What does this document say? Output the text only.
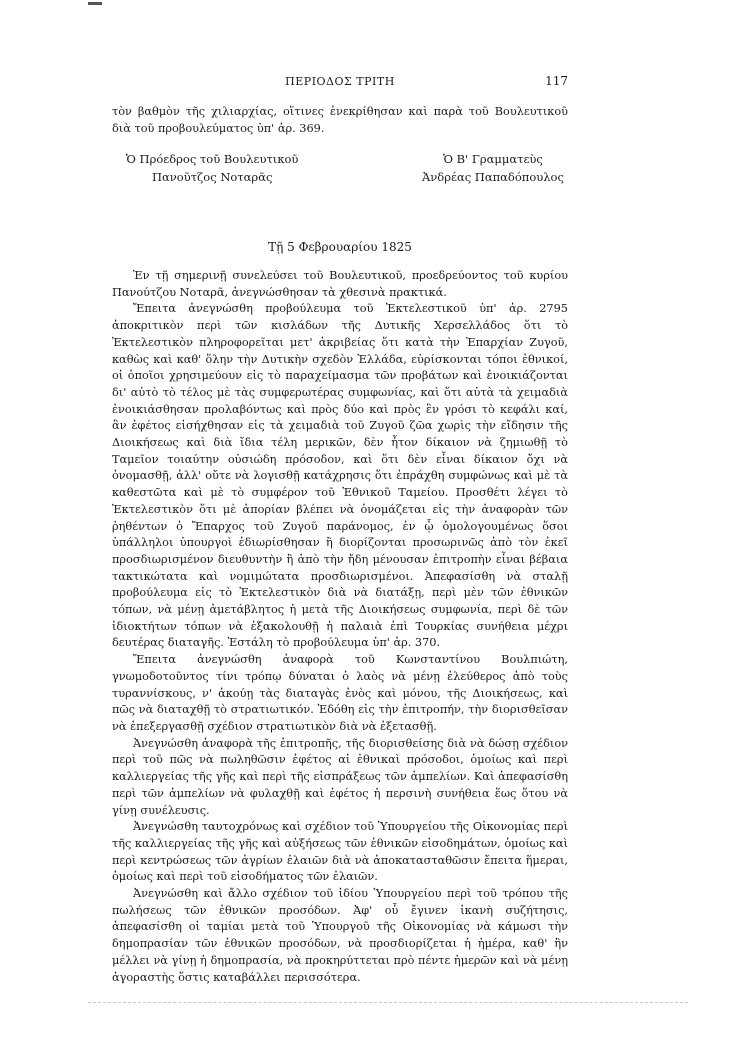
ΠΕΡΙΟΔΟΣ ΤΡΙΤΗ	117

τὸν βαθμὸν τῆς χιλιαρχίας, οἵτινες ἐνεκρίθησαν καὶ παρὰ τοῦ Βουλευτικοῦ διὰ τοῦ προβουλεύματος ὑπ' ἀρ. 369.

Ὁ Πρόεδρος τοῦ Βουλευτικοῦ
Πανοῦτζος Νοταρᾶς
Ὁ Β' Γραμματεὺς
Ἀνδρέας Παπαδόπουλος
Τῇ 5 Φεβρουαρίου 1825

Ἐν τῇ σημερινῇ συνελεύσει τοῦ Βουλευτικοῦ, προεδρεύοντος τοῦ κυρίου Πανούτζου Νοταρᾶ, ἀνεγνώσθησαν τὰ χθεσινὰ πρακτικά.

Ἔπειτα ἀνεγνώσθη προβούλευμα τοῦ Ἐκτελεστικοῦ ὑπ' ἀρ. 2795 ἀποκριτικὸν περὶ τῶν κισλάδων τῆς Δυτικῆς Χερσελλάδος ὅτι τὸ Ἐκτελεστικὸν πληροφορεῖται μετ' ἀκριβείας ὅτι κατὰ τὴν Ἐπαρχίαν Ζυγοῦ, καθὼς καὶ καθ' ὅλην τὴν Δυτικὴν σχεδὸν Ἑλλάδα, εὑρίσκονται τόποι ἐθνικοί, οἱ ὁποῖοι χρησιμεύουν εἰς τὸ παραχείμασμα τῶν προβάτων καὶ ἐνοικιάζονται δι' αὐτὸ τὸ τέλος μὲ τὰς συμφερωτέρας συμφωνίας, καὶ ὅτι αὐτὰ τὰ χειμαδιὰ ἐνοικιάσθησαν προλαβόντως καὶ πρὸς δύο καὶ πρὸς ἓν γρόσι τὸ κεφάλι καί, ἂν ἐφέτος εἰσήχθησαν εἰς τὰ χειμαδιὰ τοῦ Ζυγοῦ ζῶα χωρὶς τὴν εἴδησιν τῆς Διοικήσεως καὶ διὰ ἴδια τέλη μερικῶν, δὲν ἦτον δίκαιον νὰ ζημιωθῇ τὸ Ταμεῖον τοιαύτην οὐσιώδη πρόσοδον, καὶ ὅτι δὲν εἶναι δίκαιον ὄχι νὰ ὀνομασθῇ, ἀλλ' οὔτε νὰ λογισθῇ κατάχρησις ὅτι ἐπράχθη συμφώνως καὶ μὲ τὰ καθεστῶτα καὶ μὲ τὸ συμφέρον τοῦ Ἐθνικοῦ Ταμείου. Προσθέτι λέγει τὸ Ἐκτελεστικὸν ὅτι μὲ ἀπορίαν βλέπει νὰ ὀνομάζεται εἰς τὴν ἀναφορὰν τῶν ῥηθέντων ὁ Ἔπαρχος τοῦ Ζυγοῦ παράνομος, ἐν ᾧ ὁμολογουμένως ὅσοι ὑπάλληλοι ὑπουργοὶ ἐδιωρίσθησαν ἢ διορίζονται προσωρινῶς ἀπὸ τὸν ἐκεῖ προσδιωρισμένον διευθυντὴν ἢ ἀπὸ τὴν ἤδη μένουσαν ἐπιτροπὴν εἶναι βέβαια τακτικώτατα καὶ νομιμώτατα προσδιωρισμένοι. Ἀπεφασίσθη νὰ σταλῇ προβούλευμα εἰς τὸ Ἐκτελεστικὸν διὰ νὰ διατάξῃ, περὶ μὲν τῶν ἐθνικῶν τόπων, νὰ μένῃ ἀμετάβλητος ἡ μετὰ τῆς Διοικήσεως συμφωνία, περὶ δὲ τῶν ἰδιοκτήτων τόπων νὰ ἐξακολουθῇ ἡ παλαιὰ ἐπὶ Τουρκίας συνήθεια μέχρι δευτέρας διαταγῆς. Ἐστάλη τὸ προβούλευμα ὑπ' ἀρ. 370.

Ἔπειτα ἀνεγνώσθη ἀναφορὰ τοῦ Κωνσταντίνου Βουλπιώτη, γνωμοδοτοῦντος τίνι τρόπῳ δύναται ὁ λαὸς νὰ μένῃ ἐλεύθερος ἀπὸ τοὺς τυραννίσκους, ν' ἀκούῃ τὰς διαταγὰς ἑνὸς καὶ μόνου, τῆς Διοικήσεως, καὶ πῶς νὰ διαταχθῇ τὸ στρατιωτικόν. Ἐδόθη εἰς τὴν ἐπιτροπήν, τὴν διορισθεῖσαν νὰ ἐπεξεργασθῇ σχέδιον στρατιωτικὸν διὰ νὰ ἐξετασθῇ.

Ἀνεγνώσθη ἀναφορὰ τῆς ἐπιτροπῆς, τῆς διορισθείσης διὰ νὰ δώσῃ σχέδιον περὶ τοῦ πῶς νὰ πωληθῶσιν ἐφέτος αἱ ἐθνικαὶ πρόσοδοι, ὁμοίως καὶ περὶ καλλιεργείας τῆς γῆς καὶ περὶ τῆς εἰσπράξεως τῶν ἀμπελίων. Καὶ ἀπεφασίσθη περὶ τῶν ἀμπελίων νὰ φυλαχθῇ καὶ ἐφέτος ἡ περσινὴ συνήθεια ἕως ὅτου νὰ γίνῃ συνέλευσις.

Ἀνεγνώσθη ταυτοχρόνως καὶ σχέδιον τοῦ Ὑπουργείου τῆς Οἰκονομίας περὶ τῆς καλλιεργείας τῆς γῆς καὶ αὐξήσεως τῶν ἐθνικῶν εἰσοδημάτων, ὁμοίως καὶ περὶ κεντρώσεως τῶν ἀγρίων ἐλαιῶν διὰ νὰ ἀποκατασταθῶσιν ἔπειτα ἥμεραι, ὁμοίως καὶ περὶ τοῦ εἰσοδήματος τῶν ἐλαιῶν.

Ἀνεγνώσθη καὶ ἄλλο σχέδιον τοῦ ἰδίου Ὑπουργείου περὶ τοῦ τρόπου τῆς πωλήσεως τῶν ἐθνικῶν προσόδων. Ἀφ' οὗ ἔγινεν ἱκανὴ συζήτησις, ἀπεφασίσθη οἱ ταμίαι μετὰ τοῦ Ὑπουργοῦ τῆς Οἰκονομίας νὰ κάμωσι τὴν δημοπρασίαν τῶν ἐθνικῶν προσόδων, νὰ προσδιορίζεται ἡ ἡμέρα, καθ' ἣν μέλλει νὰ γίνῃ ἡ δημοπρασία, νὰ προκηρύττεται πρὸ πέντε ἡμερῶν καὶ νὰ μένῃ ἀγοραστὴς ὅστις καταβάλλει περισσότερα.
